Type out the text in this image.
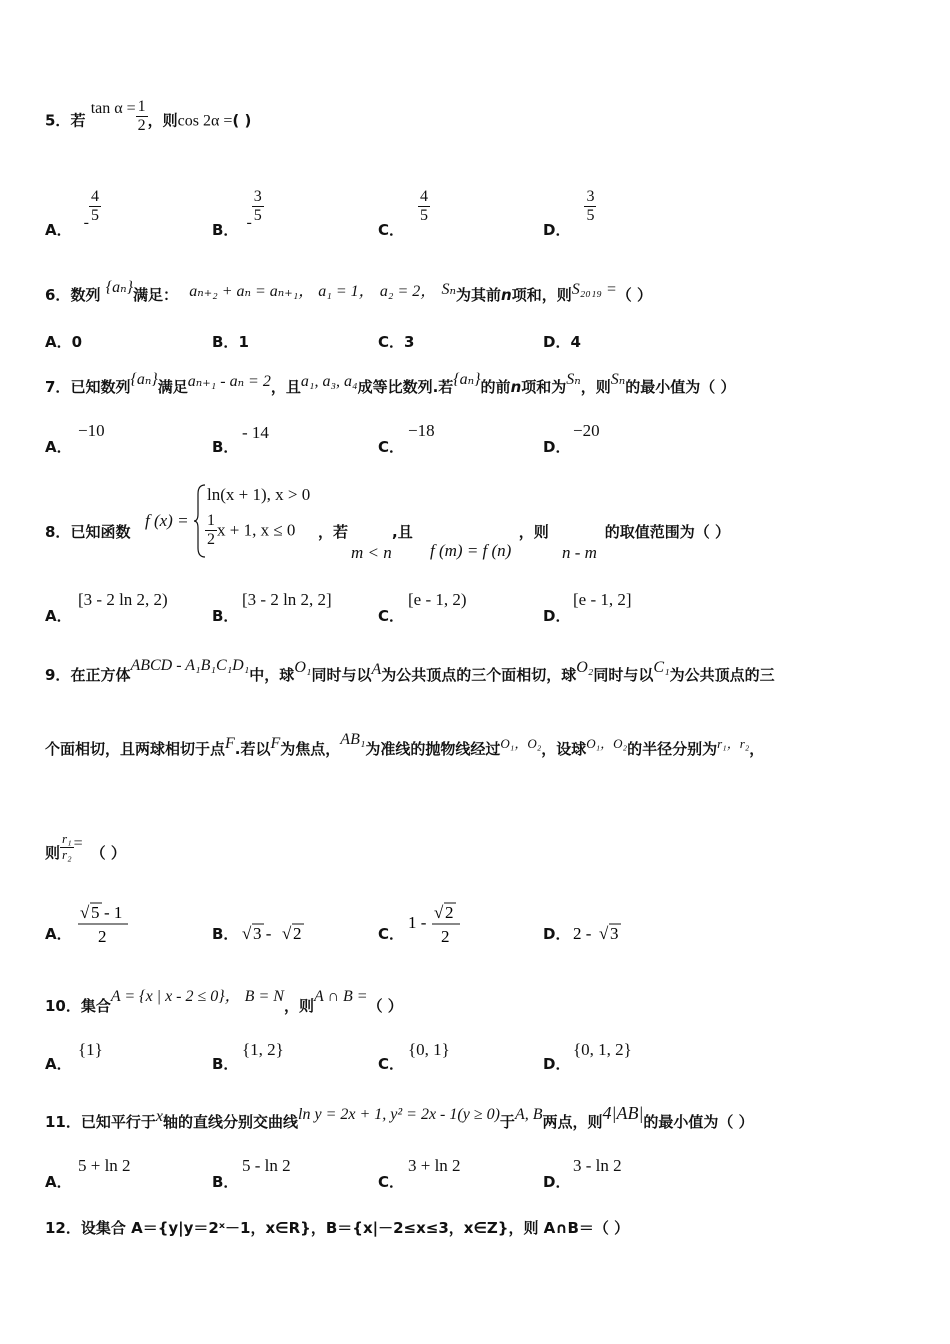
5．若 $\tan \alpha = \frac{1}{2}$ ，则cos 2α =( )
A． - $\frac{4}{5}$
B． - $\frac{3}{5}$
C．
$\frac{4}{5}$
D．
$\frac{3}{5}$
6．数列 {aₙ}满足： aₙ₊₂ + aₙ = aₙ₊₁， a₁ = 1， a₂ = 2， Sₙ为其前n项和，则S₂₀₁₉ =（ ）
A．0	B．1	C．3	D．4
7．已知数列{aₙ}满足aₙ₊₁ - aₙ = 2，且a₁, a₃, a₄成等比数列.若{aₙ}的前n项和为Sₙ，则Sₙ的最小值为（ ）
A．
−10
B．
- 14
C．
−18
D．
−20
8．已知函数
f (x) =
ln(x + 1), x > 0
$\frac{1}{2}$ x + 1, x ≤ 0 ，若	,且	，则	的取值范围为（ ）
m < n f (m) = f (n)	n - m
A．
[3 - 2 ln 2, 2)
B．
[3 - 2 ln 2, 2]
C．
[e - 1, 2)
D．
[e - 1, 2]
9．在正方体ABCD - A₁B₁C₁D₁中，球O₁同时与以A为公共顶点的三个面相切，球O₂同时与以C₁为公共顶点的三
个面相切，且两球相切于点F.若以F为焦点，AB₁为准线的抛物线经过O₁，O₂，设球O₁，O₂的半径分别为r₁，r₂，
则 $\frac{\text{r₁}}{\text{r₂}}$ =（ ）
A．
√ 5 - 1
2	B． √ 3 - √ 2	C．
1 -
√ 2
2	D． 2 - √ 3
10．集合A = {x | x - 2 ≤ 0}， B = N，则A ∩ B =（ ）
A．
{1}
B．
{1, 2}
C．
{0, 1}
D．
{0, 1, 2}
11．已知平行于x轴的直线分别交曲线ln y = 2x + 1, y² = 2x - 1(y ≥ 0)于A, B两点，则4|AB|的最小值为（ ）
A．
5 + ln 2
B．
5 - ln 2
C．
3 + ln 2
D．
3 - ln 2
12．设集合 A＝{y|y＝2ˣ－1，x∈R}，B＝{x|－2≤x≤3，x∈Z}，则 A∩B＝（ ）
